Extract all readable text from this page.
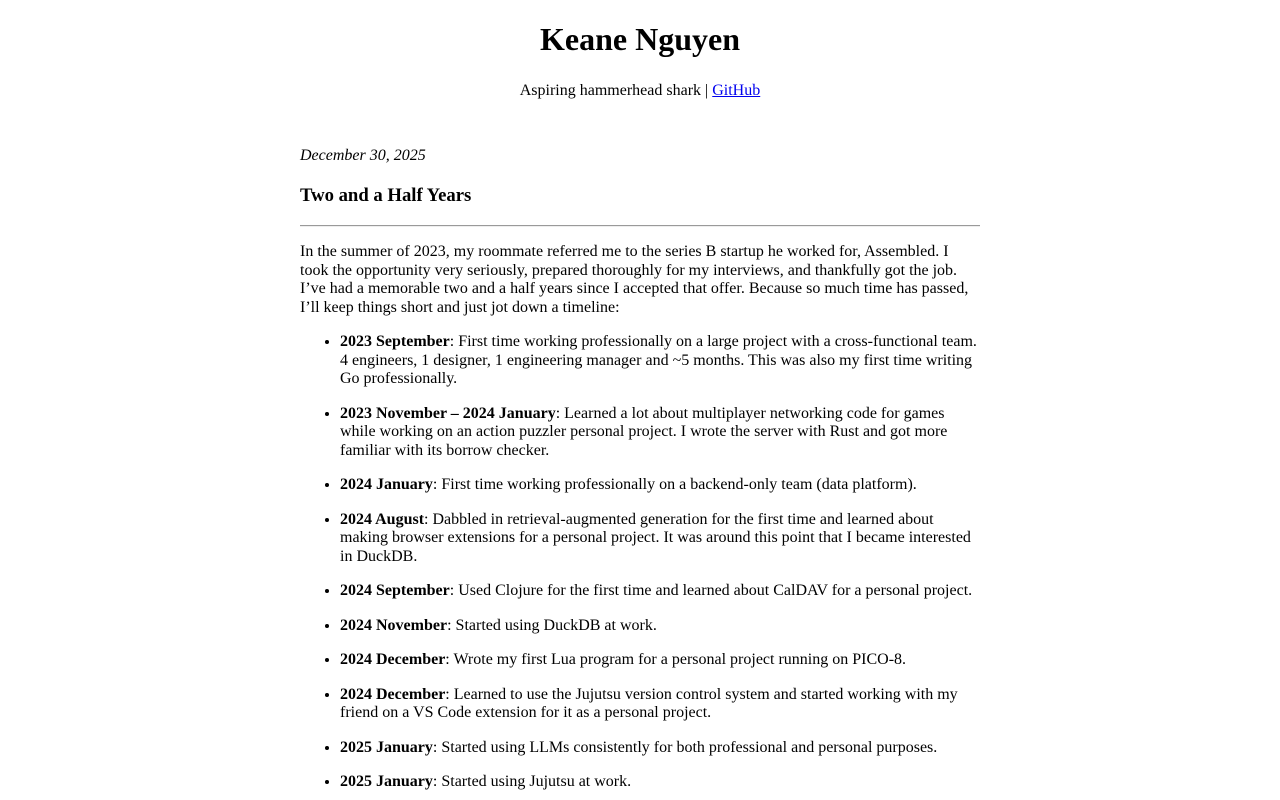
Keane Nguyen
Aspiring hammerhead shark | GitHub

December 30, 2025

Two and a Half Years

In the summer of 2023, my roommate referred me to the series B startup he worked for, Assembled. I took the opportunity very seriously, prepared thoroughly for my interviews, and thankfully got the job. I’ve had a memorable two and a half years since I accepted that offer. Because so much time has passed, I’ll keep things short and just jot down a timeline:

• 2023 September: First time working professionally on a large project with a cross-functional team. 4 engineers, 1 designer, 1 engineering manager and ~5 months. This was also my first time writing Go professionally.
• 2023 November – 2024 January: Learned a lot about multiplayer networking code for games while working on an action puzzler personal project. I wrote the server with Rust and got more familiar with its borrow checker.
• 2024 January: First time working professionally on a backend-only team (data platform).
• 2024 August: Dabbled in retrieval-augmented generation for the first time and learned about making browser extensions for a personal project. It was around this point that I became interested in DuckDB.
• 2024 September: Used Clojure for the first time and learned about CalDAV for a personal project.
• 2024 November: Started using DuckDB at work.
• 2024 December: Wrote my first Lua program for a personal project running on PICO-8.
• 2024 December: Learned to use the Jujutsu version control system and started working with my friend on a VS Code extension for it as a personal project.
• 2025 January: Started using LLMs consistently for both professional and personal purposes.
• 2025 January: Started using Jujutsu at work.
